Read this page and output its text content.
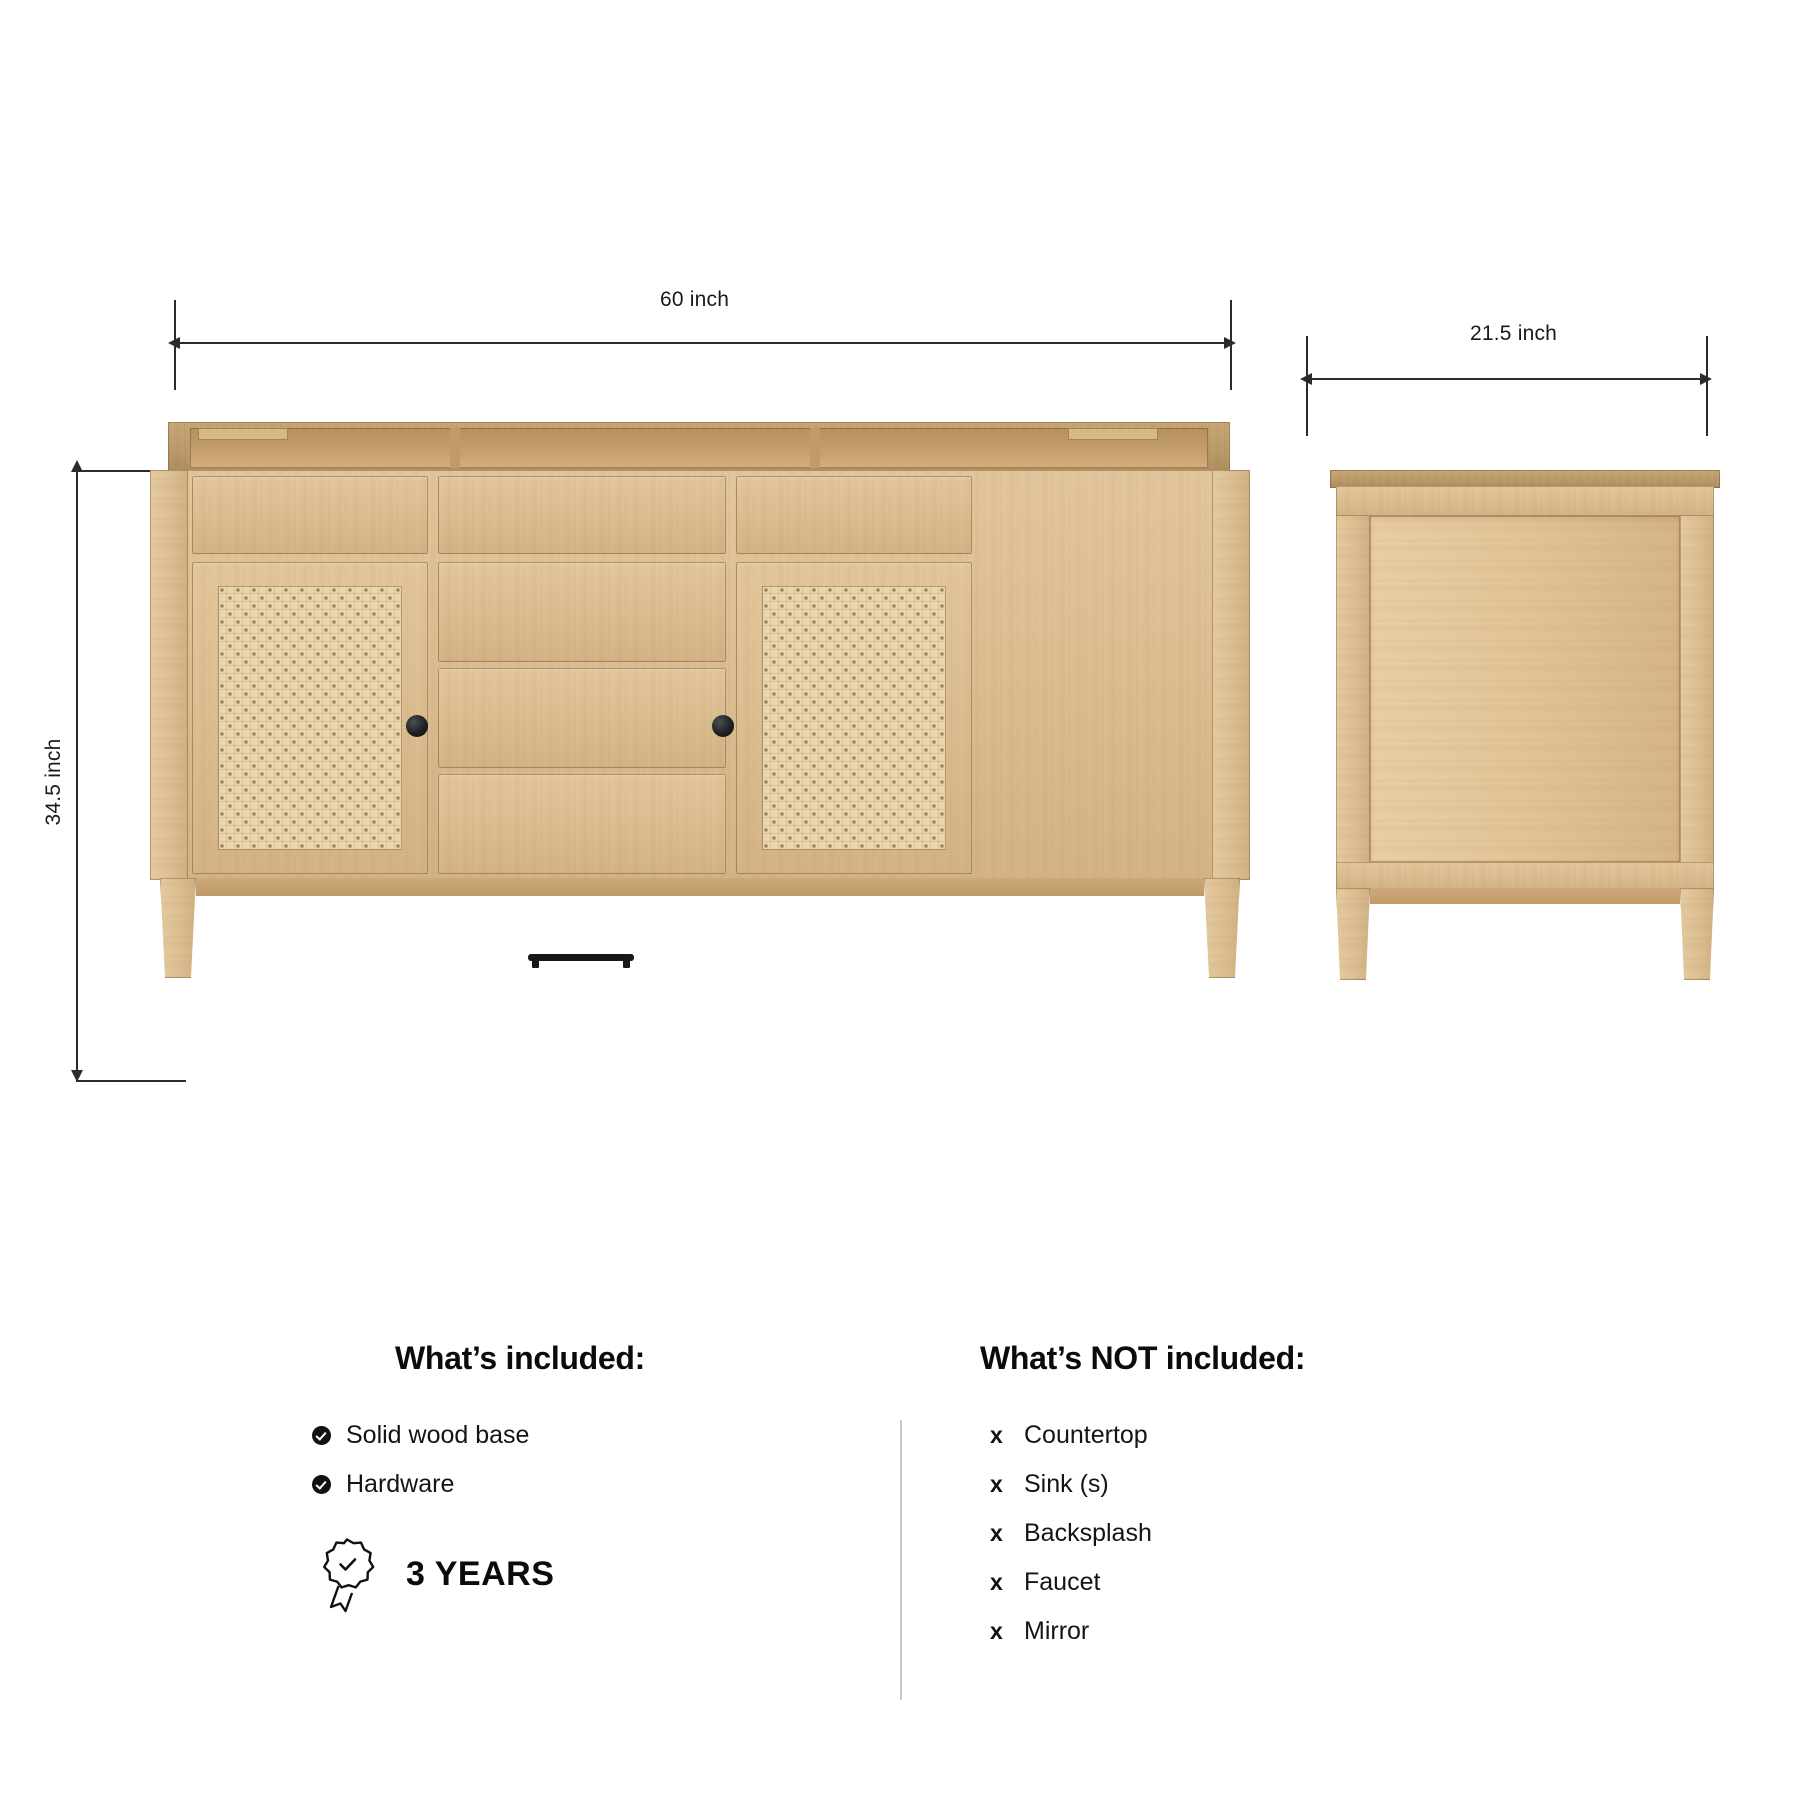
60 inch
34.5 inch
21.5 inch
What’s included:
Solid wood base
Hardware
3 YEARS
What’s NOT included:
x Countertop
x Sink (s)
x Backsplash
x Faucet
x Mirror
